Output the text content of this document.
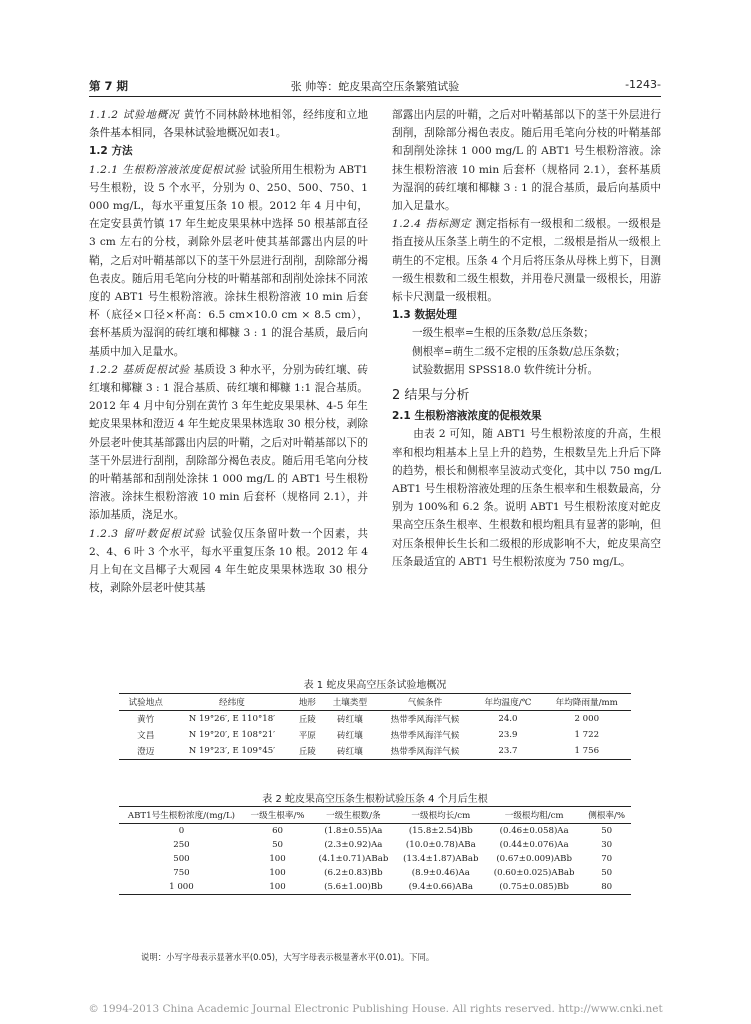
第 7 期	张 帅等：蛇皮果高空压条繁殖试验	-1243-

1.1.2 试验地概况 黄竹不同林龄林地相邻，经纬度和立地条件基本相同，各果林试验地概况如表1。

1.2 方法

1.2.1 生根粉溶液浓度促根试验 试验所用生根粉为 ABT1 号生根粉，设 5 个水平，分别为 0、250、500、750、1 000 mg/L，每水平重复压条 10 根。2012 年 4 月中旬，在定安县黄竹镇 17 年生蛇皮果果林中选择 50 根基部直径 3 cm 左右的分枝，剥除外层老叶使其基部露出内层的叶鞘，之后对叶鞘基部以下的茎干外层进行刮削，刮除部分褐色表皮。随后用毛笔向分枝的叶鞘基部和刮削处涂抹不同浓度的 ABT1 号生根粉溶液。涂抹生根粉溶液 10 min 后套杯（底径×口径×杯高：6.5 cm×10.0 cm × 8.5 cm），套杯基质为湿润的砖红壤和椰糠 3 : 1 的混合基质，最后向基质中加入足量水。

1.2.2 基质促根试验 基质设 3 种水平，分别为砖红壤、砖红壤和椰糠 3 : 1 混合基质、砖红壤和椰糠 1:1 混合基质。2012 年 4 月中旬分别在黄竹 3 年生蛇皮果果林、4-5 年生蛇皮果果林和澄迈 4 年生蛇皮果果林选取 30 根分枝，剥除外层老叶使其基部露出内层的叶鞘，之后对叶鞘基部以下的茎干外层进行刮削，刮除部分褐色表皮。随后用毛笔向分枝的叶鞘基部和刮削处涂抹 1 000 mg/L 的 ABT1 号生根粉溶液。涂抹生根粉溶液 10 min 后套杯（规格同 2.1），并添加基质，浇足水。

1.2.3 留叶数促根试验 试验仅压条留叶数一个因素，共 2、4、6 叶 3 个水平，每水平重复压条 10 根。2012 年 4 月上旬在文昌椰子大观园 4 年生蛇皮果果林选取 30 根分枝，剥除外层老叶使其基

部露出内层的叶鞘，之后对叶鞘基部以下的茎干外层进行刮削，刮除部分褐色表皮。随后用毛笔向分枝的叶鞘基部和刮削处涂抹 1 000 mg/L 的 ABT1 号生根粉溶液。涂抹生根粉溶液 10 min 后套杯（规格同 2.1），套杯基质为湿润的砖红壤和椰糠 3 : 1 的混合基质，最后向基质中加入足量水。

1.2.4 指标测定 测定指标有一级根和二级根。一级根是指直接从压条茎上萌生的不定根，二级根是指从一级根上萌生的不定根。压条 4 个月后将压条从母株上剪下，目测一级生根数和二级生根数，并用卷尺测量一级根长，用游标卡尺测量一级根粗。

1.3 数据处理

一级生根率=生根的压条数/总压条数；

侧根率=萌生二级不定根的压条数/总压条数；

试验数据用 SPSS18.0 软件统计分析。

2 结果与分析

2.1 生根粉溶液浓度的促根效果

由表 2 可知，随 ABT1 号生根粉浓度的升高，生根率和根均粗基本上呈上升的趋势，生根数呈先上升后下降的趋势，根长和侧根率呈波动式变化，其中以 750 mg/L ABT1 号生根粉溶液处理的压条生根率和生根数最高，分别为 100%和 6.2 条。说明 ABT1 号生根粉浓度对蛇皮果高空压条生根率、生根数和根均粗具有显著的影响，但对压条根伸长生长和二级根的形成影响不大，蛇皮果高空压条最适宜的 ABT1 号生根粉浓度为 750 mg/L。

表 1 蛇皮果高空压条试验地概况
试验地点	经纬度	地形	土壤类型	气候条件	年均温度/℃	年均降雨量/mm
黄竹	N 19°26′, E 110°18′	丘陵	砖红壤	热带季风海洋气候	24.0	2 000
文昌	N 19°20′, E 108°21′	平原	砖红壤	热带季风海洋气候	23.9	1 722
澄迈	N 19°23′, E 109°45′	丘陵	砖红壤	热带季风海洋气候	23.7	1 756
表 2 蛇皮果高空压条生根粉试验压条 4 个月后生根
ABT1号生根粉浓度/(mg/L)	一级生根率/%	一级生根数/条	一级根均长/cm	一级根均粗/cm	侧根率/%
0	60	(1.8±0.55)Aa	(15.8±2.54)Bb	(0.46±0.058)Aa	50
250	50	(2.3±0.92)Aa	(10.0±0.78)ABa	(0.44±0.076)Aa	30
500	100	(4.1±0.71)ABab	(13.4±1.87)ABab	(0.67±0.009)ABb	70
750	100	(6.2±0.83)Bb	(8.9±0.46)Aa	(0.60±0.025)ABab	50
1 000	100	(5.6±1.00)Bb	(9.4±0.66)ABa	(0.75±0.085)Bb	80
说明：小写字母表示显著水平(0.05)，大写字母表示极显著水平(0.01)。下同。
© 1994-2013 China Academic Journal Electronic Publishing House. All rights reserved. http://www.cnki.net
